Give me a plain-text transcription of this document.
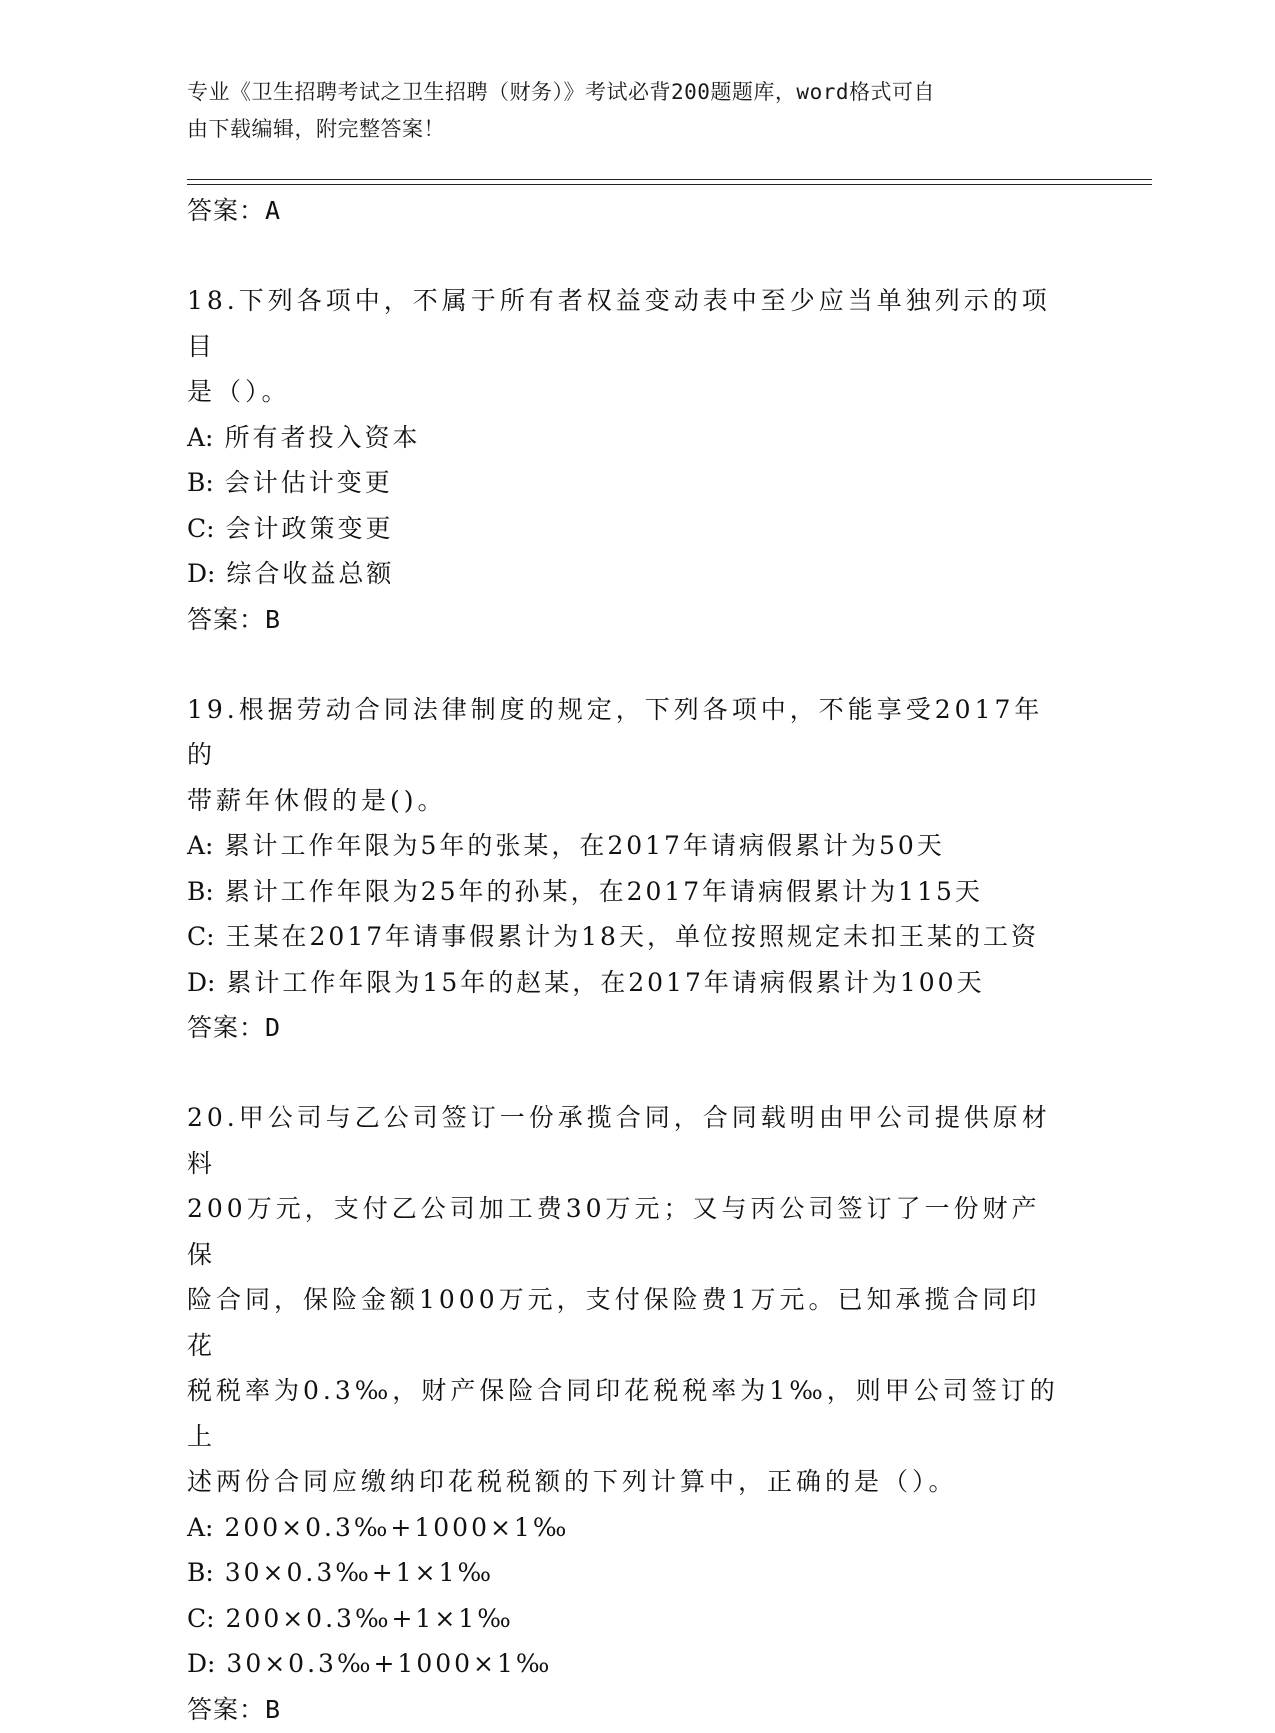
专业《卫生招聘考试之卫生招聘（财务）》考试必背200题题库，word格式可自
由下载编辑，附完整答案！

答案：A

18.下列各项中，不属于所有者权益变动表中至少应当单独列示的项目
是（）。

A: 所有者投入资本

B: 会计估计变更

C: 会计政策变更

D: 综合收益总额

答案：B

19.根据劳动合同法律制度的规定，下列各项中，不能享受2017年的
带薪年休假的是()。

A: 累计工作年限为5年的张某，在2017年请病假累计为50天

B: 累计工作年限为25年的孙某，在2017年请病假累计为115天

C: 王某在2017年请事假累计为18天，单位按照规定未扣王某的工资

D: 累计工作年限为15年的赵某，在2017年请病假累计为100天

答案：D

20.甲公司与乙公司签订一份承揽合同，合同载明由甲公司提供原材料
200万元，支付乙公司加工费30万元；又与丙公司签订了一份财产保
险合同，保险金额1000万元，支付保险费1万元。已知承揽合同印花
税税率为0.3‰，财产保险合同印花税税率为1‰，则甲公司签订的上
述两份合同应缴纳印花税税额的下列计算中，正确的是（）。

A: 200×0.3‰+1000×1‰

B: 30×0.3‰+1×1‰

C: 200×0.3‰+1×1‰

D: 30×0.3‰+1000×1‰

答案：B
